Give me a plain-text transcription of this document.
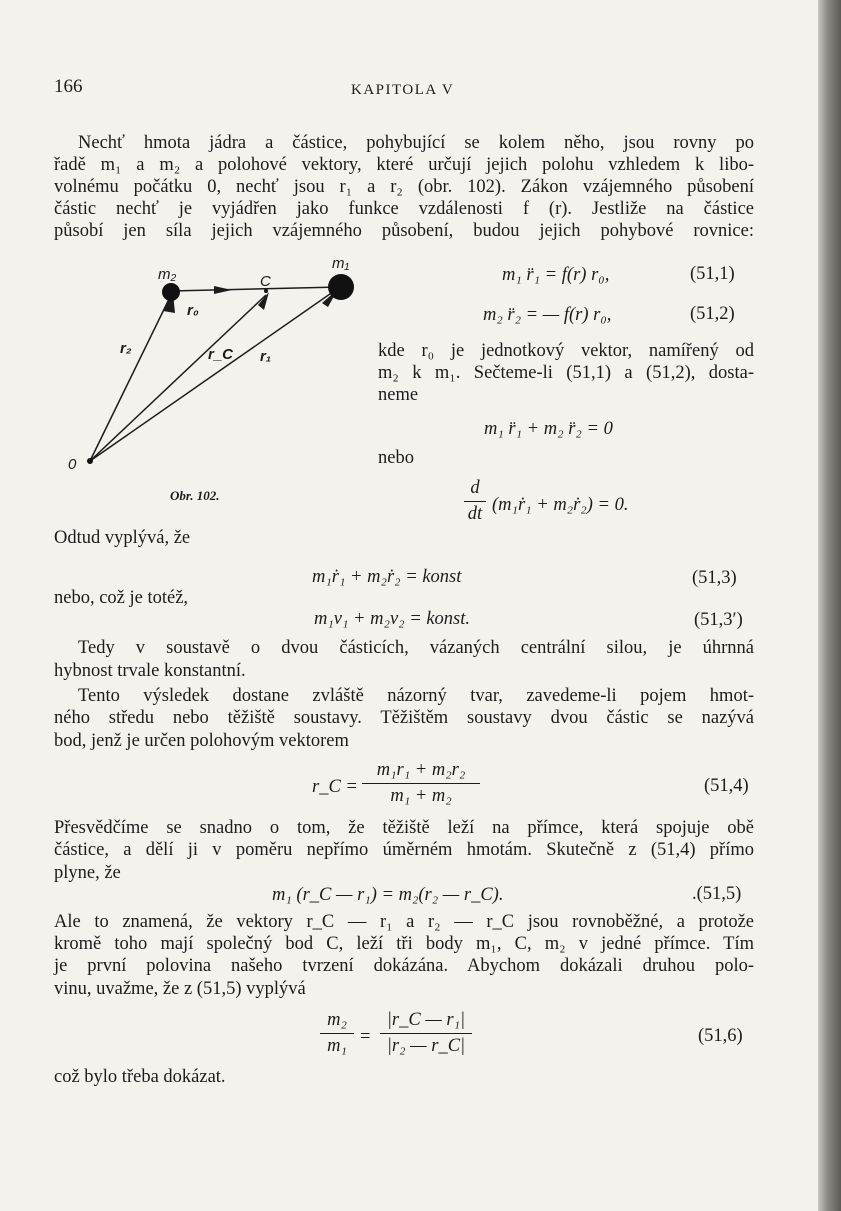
166	KAPITOLA V
Nechť hmota jádra a částice, pohybující se kolem něho, jsou rovny po
řadě m₁ a m₂ a polohové vektory, které určují jejich polohu vzhledem k libo-
volnému počátku 0, nechť jsou r₁ a r₂ (obr. 102). Zákon vzájemného působení
částic nechť je vyjádřen jako funkce vzdálenosti f (r). Jestliže na částice
působí jen síla jejich vzájemného působení, budou jejich pohybové rovnice:
m₂
m₁
C
r₀
r₂	r_C r₁
0
Obr. 102.
m₁ r̈₁ = f(r) r₀,	(51,1)
m₂ r̈₂ = — f(r) r₀,	(51,2)
kde r₀ je jednotkový vektor, namířený od
m₂ k m₁. Sečteme-li (51,1) a (51,2), dosta-
neme
m₁ r̈₁ + m₂ r̈₂ = 0
nebo
d
dt (m₁ṙ₁ + m₂ṙ₂) = 0.
Odtud vyplývá, že
m₁ṙ₁ + m₂ṙ₂ = konst	(51,3)
nebo, což je totéž,
m₁v₁ + m₂v₂ = konst.	(51,3′)
Tedy v soustavě o dvou částicích, vázaných centrální silou, je úhrnná
hybnost trvale konstantní.
Tento výsledek dostane zvláště názorný tvar, zavedeme-li pojem hmot-
ného středu nebo těžiště soustavy. Těžištěm soustavy dvou částic se nazývá
bod, jenž je určen polohovým vektorem
r_C =
m₁r₁ + m₂r₂
m₁ + m₂	(51,4)
Přesvědčíme se snadno o tom, že těžiště leží na přímce, která spojuje obě
částice, a dělí ji v poměru nepřímo úměrném hmotám. Skutečně z (51,4) přímo
plyne, že
m₁ (r_C — r₁) = m₂(r₂ — r_C).	.(51,5)
Ale to znamená, že vektory r_C — r₁ a r₂ — r_C jsou rovnoběžné, a protože
kromě toho mají společný bod C, leží tři body m₁, C, m₂ v jedné přímce. Tím
je první polovina našeho tvrzení dokázána. Abychom dokázali druhou polo-
vinu, uvažme, že z (51,5) vyplývá
m₂
m₁ =
|r_C — r₁|
|r₂ — r_C|	(51,6)
což bylo třeba dokázat.
